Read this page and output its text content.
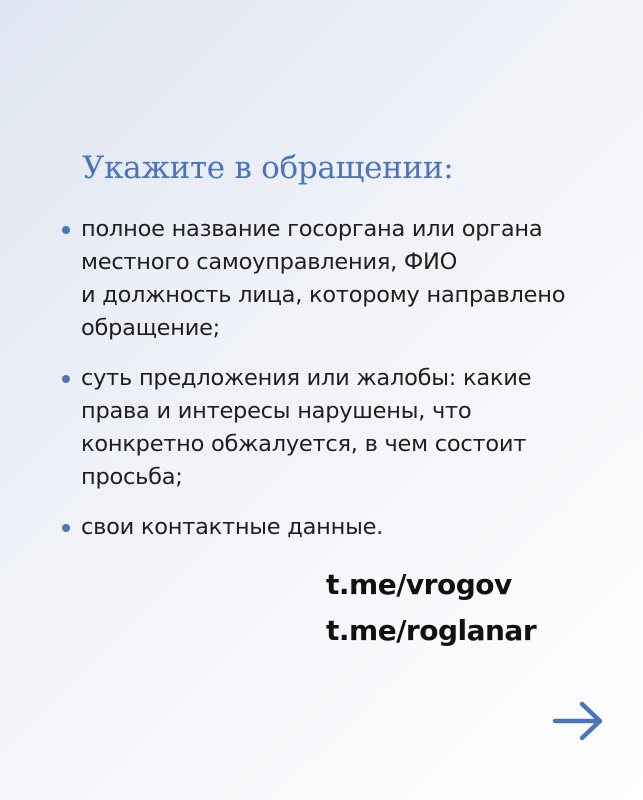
Укажите в обращении:
полное название госоргана или органа
местного самоуправления, ФИО
и должность лица, которому направлено
обращение;
суть предложения или жалобы: какие
права и интересы нарушены, что
конкретно обжалуется, в чем состоит
просьба;
свои контактные данные.
t.me/vrogov
t.me/roglanar
